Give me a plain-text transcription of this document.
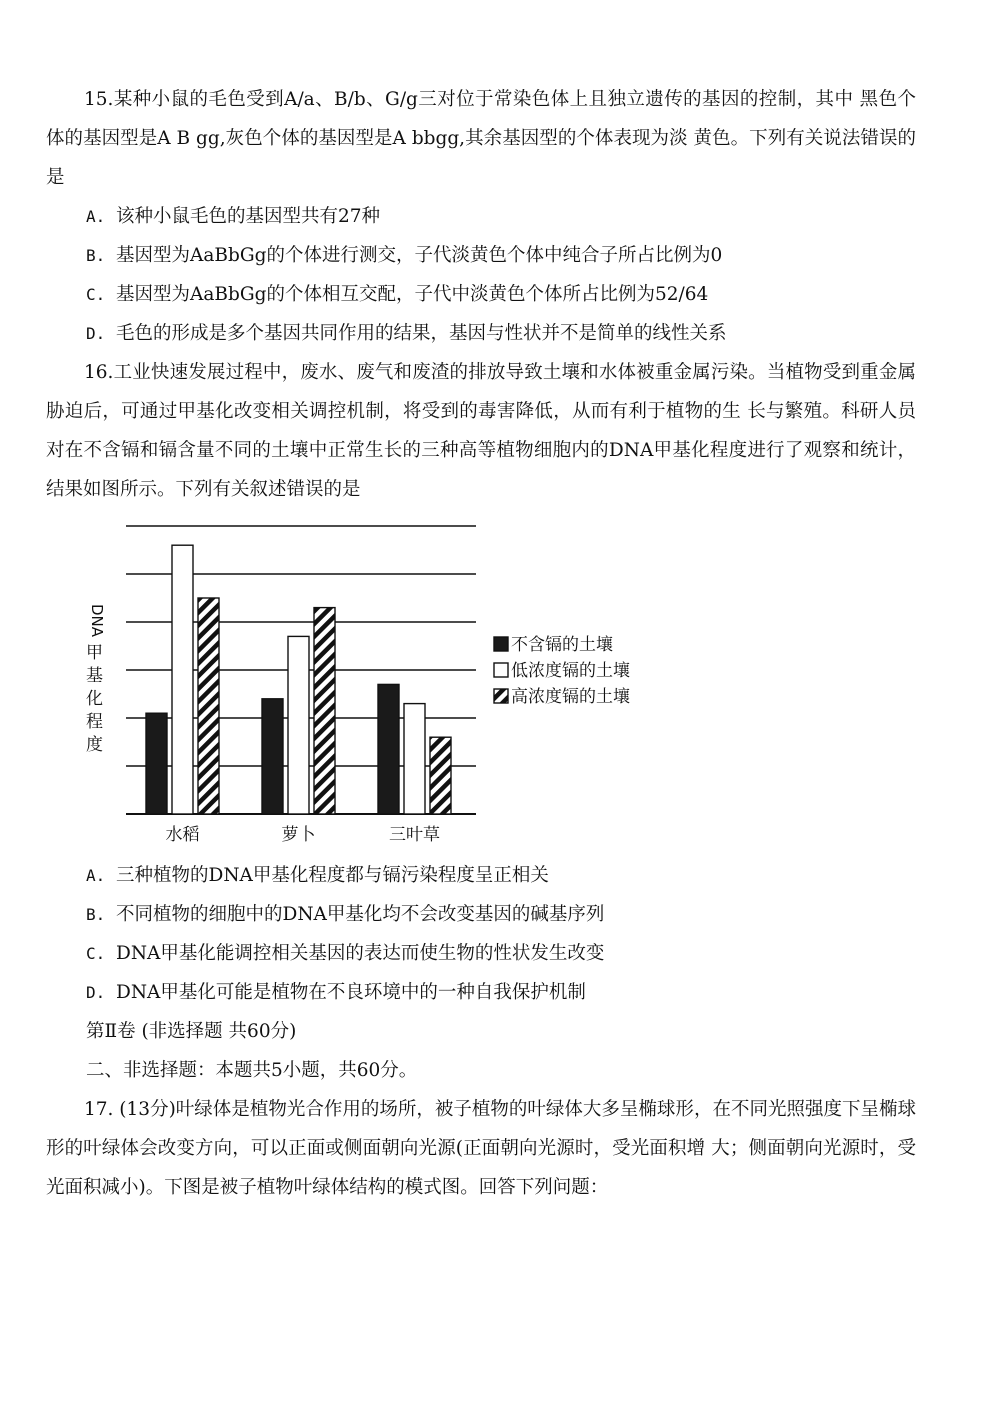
15.某种小鼠的毛色受到A/a、B/b、G/g三对位于常染色体上且独立遗传的基因的控制，其中 黑色个体的基因型是A B gg,灰色个体的基因型是A bbgg,其余基因型的个体表现为淡 黄色。下列有关说法错误的是

A. 该种小鼠毛色的基因型共有27种
B. 基因型为AaBbGg的个体进行测交，子代淡黄色个体中纯合子所占比例为0
C. 基因型为AaBbGg的个体相互交配，子代中淡黄色个体所占比例为52/64
D. 毛色的形成是多个基因共同作用的结果，基因与性状并不是简单的线性关系

16.工业快速发展过程中，废水、废气和废渣的排放导致土壤和水体被重金属污染。当植物受到重金属胁迫后，可通过甲基化改变相关调控机制，将受到的毒害降低，从而有利于植物的生 长与繁殖。科研人员对在不含镉和镉含量不同的土壤中正常生长的三种高等植物细胞内的DNA甲基化程度进行了观察和统计，结果如图所示。下列有关叙述错误的是

水稻	萝卜	三叶草
甲基化程度
不含镉的土壤
低浓度镉的土壤
高浓度镉的土壤
DNA
A. 三种植物的DNA甲基化程度都与镉污染程度呈正相关
B. 不同植物的细胞中的DNA甲基化均不会改变基因的碱基序列
C. DNA甲基化能调控相关基因的表达而使生物的性状发生改变
D. DNA甲基化可能是植物在不良环境中的一种自我保护机制
第Ⅱ卷 (非选择题 共60分)
二、非选择题：本题共5小题，共60分。

17. (13分)叶绿体是植物光合作用的场所，被子植物的叶绿体大多呈椭球形，在不同光照强度下呈椭球形的叶绿体会改变方向，可以正面或侧面朝向光源(正面朝向光源时，受光面积增 大；侧面朝向光源时，受光面积减小)。下图是被子植物叶绿体结构的模式图。回答下列问题：
